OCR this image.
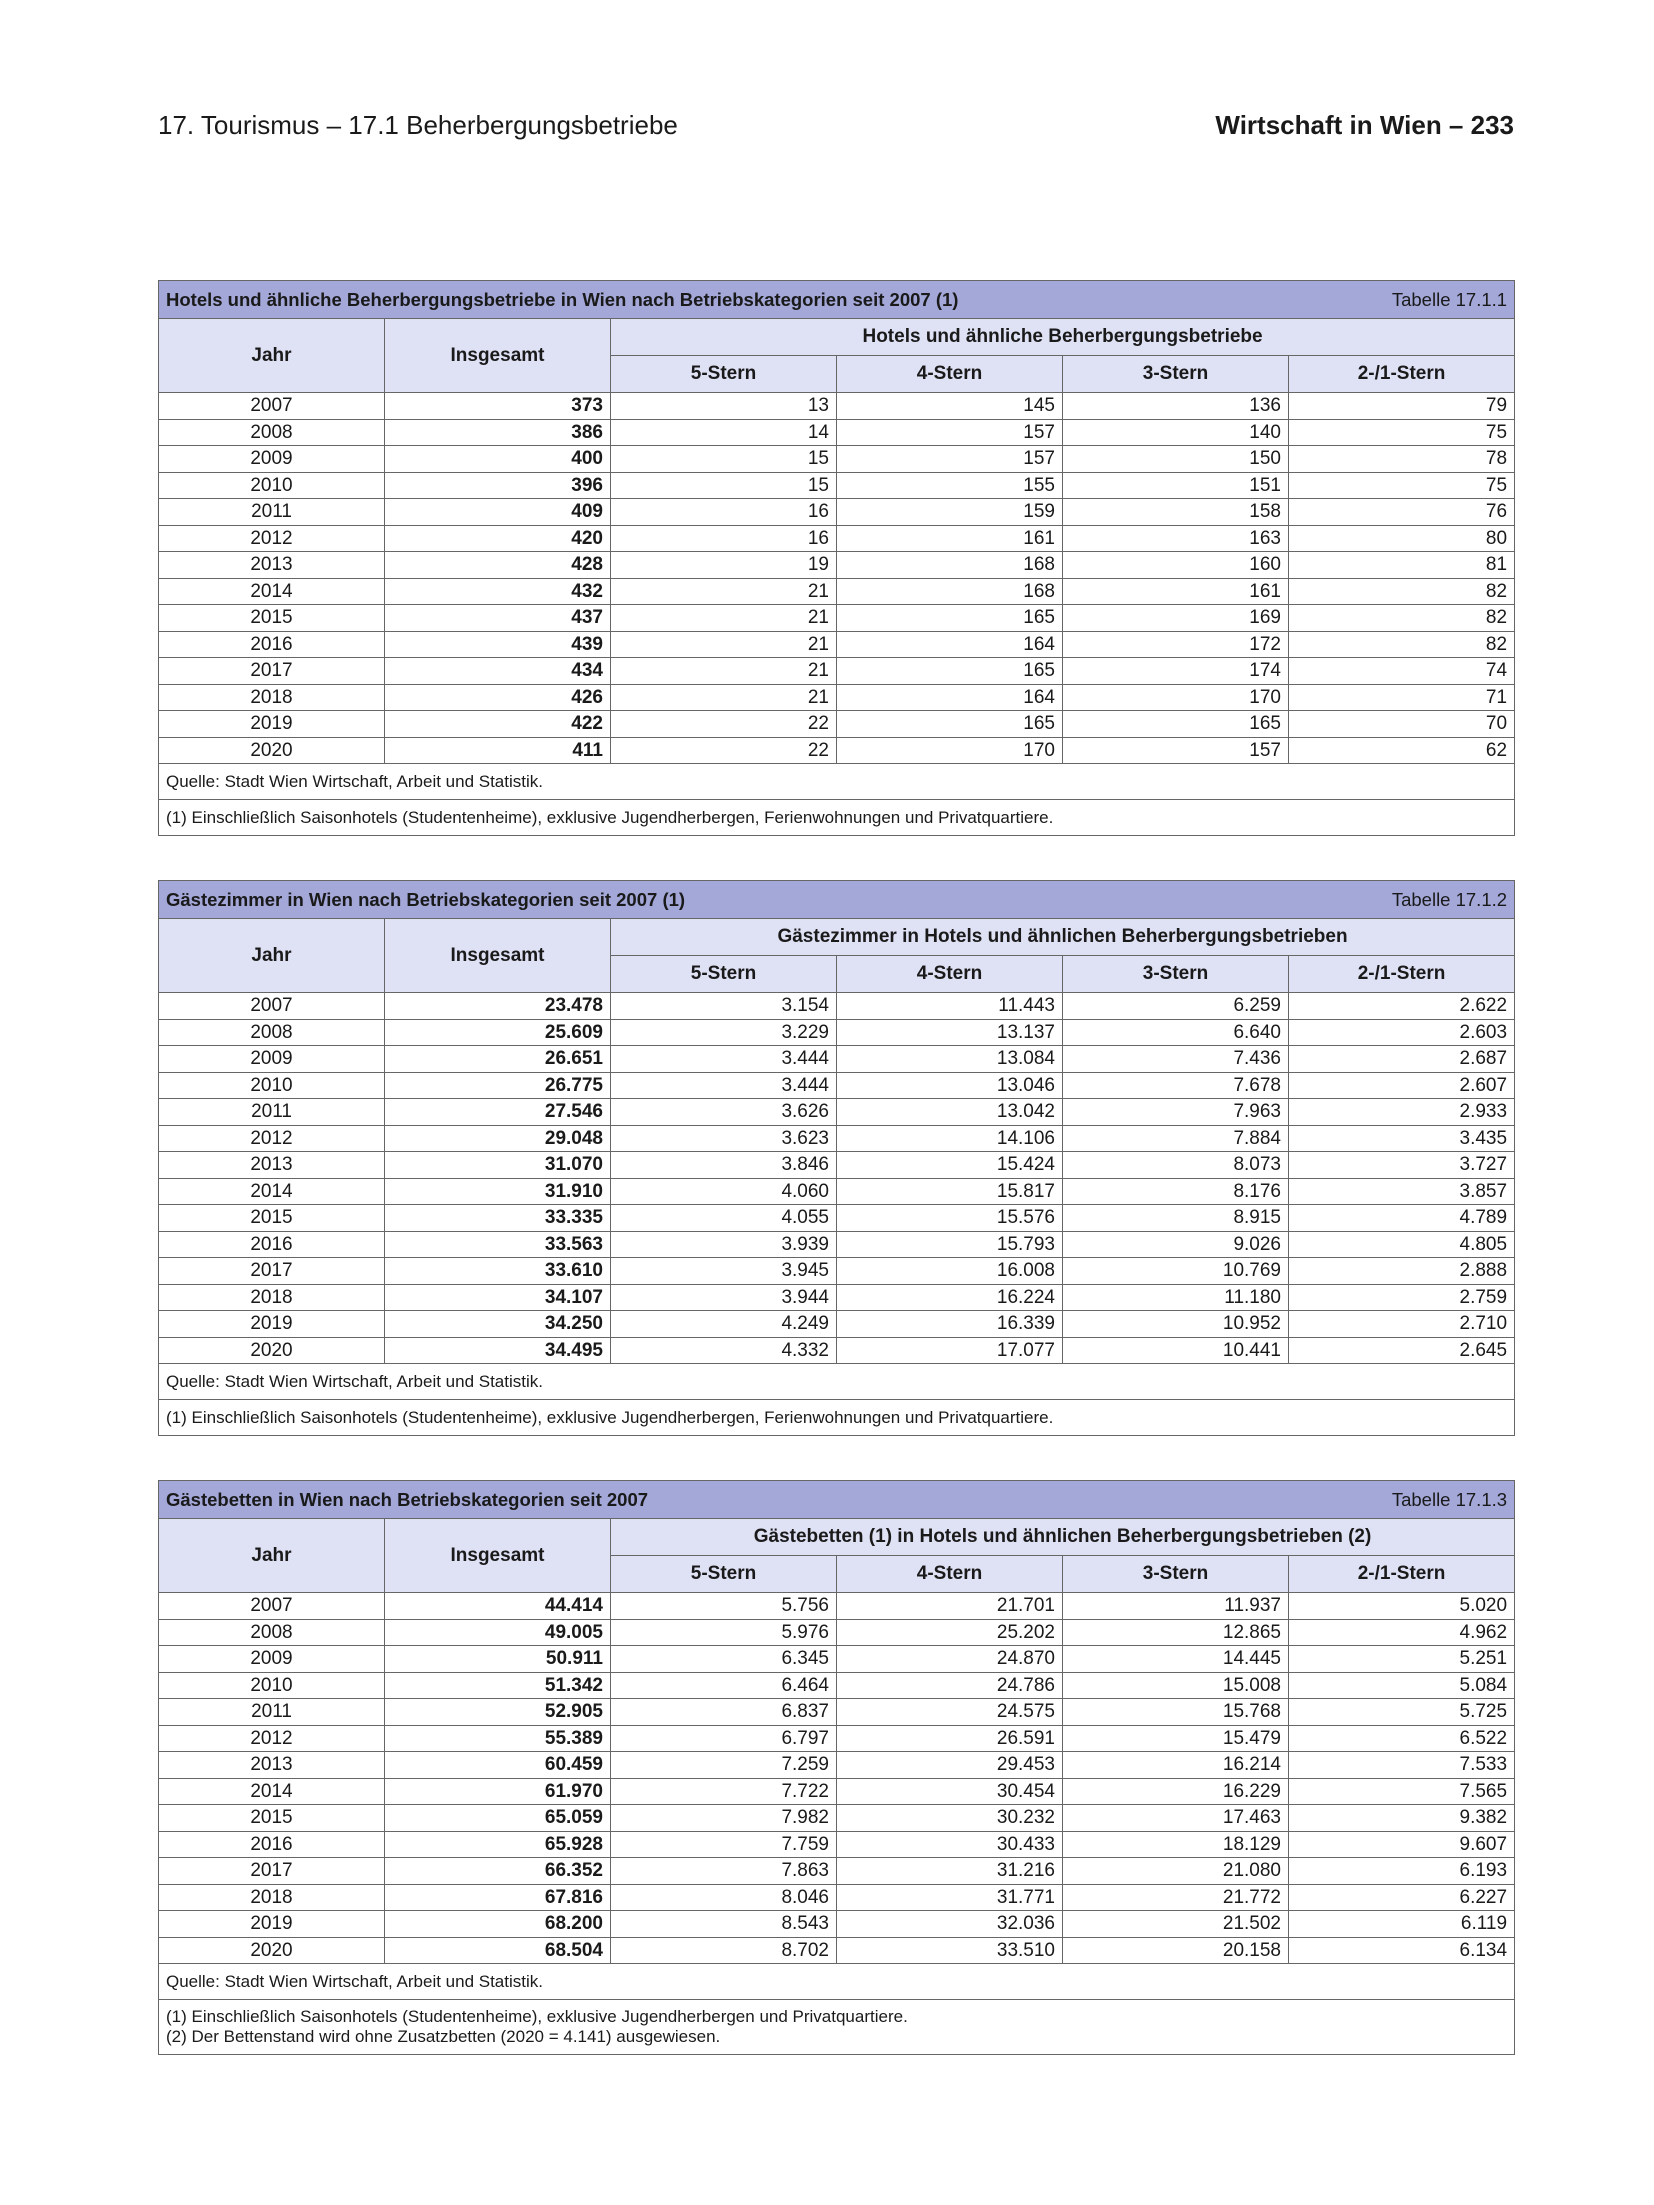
17. Tourismus – 17.1 Beherbergungsbetriebe	Wirtschaft in Wien – 233
Hotels und ähnliche Beherbergungsbetriebe in Wien nach Betriebskategorien seit 2007 (1) Tabelle 17.1.1					

Jahr	Insgesamt	Hotels und ähnliche Beherbergungsbetriebe			
		5-Stern	4-Stern	3-Stern	2-/1-Stern
2007	373	13	145	136	79
2008	386	14	157	140	75
2009	400	15	157	150	78
2010	396	15	155	151	75
2011	409	16	159	158	76
2012	420	16	161	163	80
2013	428	19	168	160	81
2014	432	21	168	161	82
2015	437	21	165	169	82
2016	439	21	164	172	82
2017	434	21	165	174	74
2018	426	21	164	170	71
2019	422	22	165	165	70
2020	411	22	170	157	62
Quelle: Stadt Wien Wirtschaft, Arbeit und Statistik.					

(1) Einschließlich Saisonhotels (Studentenheime), exklusive Jugendherbergen, Ferienwohnungen und Privatquartiere.					
Gästezimmer in Wien nach Betriebskategorien seit 2007 (1) Tabelle 17.1.2					

Jahr	Insgesamt	Gästezimmer in Hotels und ähnlichen Beherbergungsbetrieben			
		5-Stern	4-Stern	3-Stern	2-/1-Stern
2007	23.478	3.154	11.443	6.259	2.622
2008	25.609	3.229	13.137	6.640	2.603
2009	26.651	3.444	13.084	7.436	2.687
2010	26.775	3.444	13.046	7.678	2.607
2011	27.546	3.626	13.042	7.963	2.933
2012	29.048	3.623	14.106	7.884	3.435
2013	31.070	3.846	15.424	8.073	3.727
2014	31.910	4.060	15.817	8.176	3.857
2015	33.335	4.055	15.576	8.915	4.789
2016	33.563	3.939	15.793	9.026	4.805
2017	33.610	3.945	16.008	10.769	2.888
2018	34.107	3.944	16.224	11.180	2.759
2019	34.250	4.249	16.339	10.952	2.710
2020	34.495	4.332	17.077	10.441	2.645
Quelle: Stadt Wien Wirtschaft, Arbeit und Statistik.					

(1) Einschließlich Saisonhotels (Studentenheime), exklusive Jugendherbergen, Ferienwohnungen und Privatquartiere.					
Gästebetten in Wien nach Betriebskategorien seit 2007 Tabelle 17.1.3					

Jahr	Insgesamt	Gästebetten (1) in Hotels und ähnlichen Beherbergungsbetrieben (2)			
		5-Stern	4-Stern	3-Stern	2-/1-Stern
2007	44.414	5.756	21.701	11.937	5.020
2008	49.005	5.976	25.202	12.865	4.962
2009	50.911	6.345	24.870	14.445	5.251
2010	51.342	6.464	24.786	15.008	5.084
2011	52.905	6.837	24.575	15.768	5.725
2012	55.389	6.797	26.591	15.479	6.522
2013	60.459	7.259	29.453	16.214	7.533
2014	61.970	7.722	30.454	16.229	7.565
2015	65.059	7.982	30.232	17.463	9.382
2016	65.928	7.759	30.433	18.129	9.607
2017	66.352	7.863	31.216	21.080	6.193
2018	67.816	8.046	31.771	21.772	6.227
2019	68.200	8.543	32.036	21.502	6.119
2020	68.504	8.702	33.510	20.158	6.134
Quelle: Stadt Wien Wirtschaft, Arbeit und Statistik.					

(1) Einschließlich Saisonhotels (Studentenheime), exklusive Jugendherbergen und Privatquartiere.
(2) Der Bettenstand wird ohne Zusatzbetten (2020 = 4.141) ausgewiesen.					
